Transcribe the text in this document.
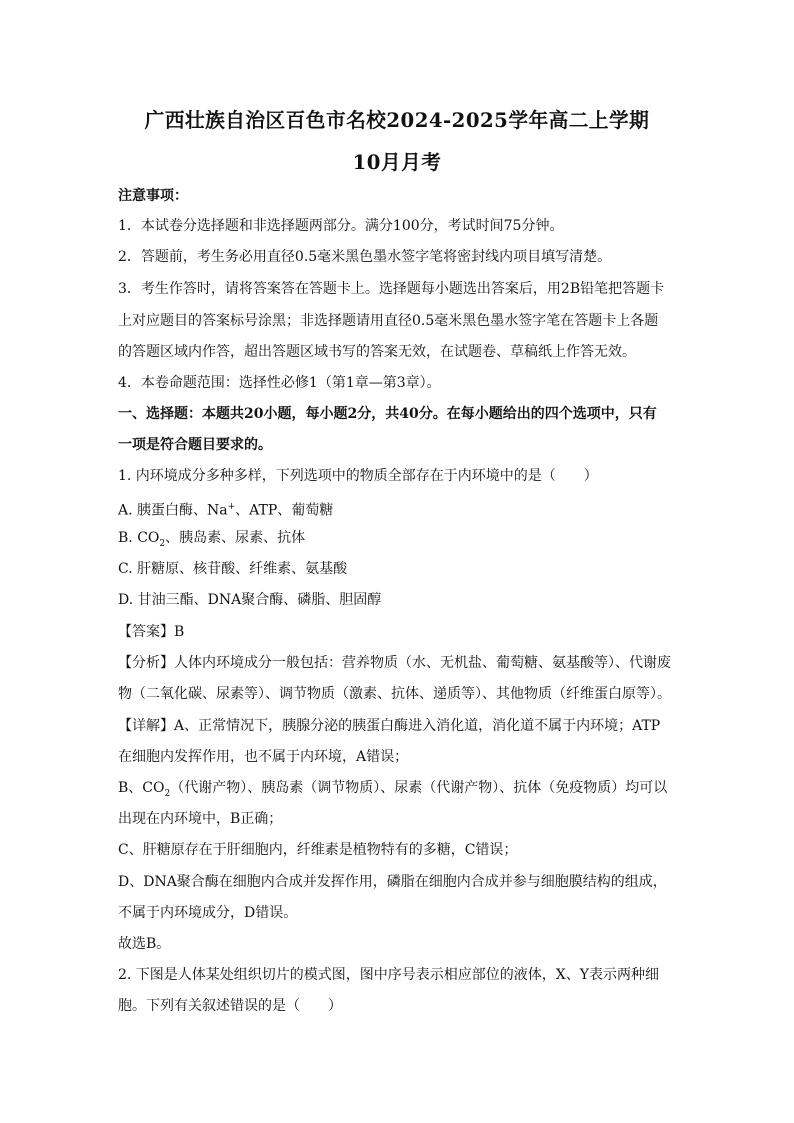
广西壮族自治区百色市名校2024-2025学年高二上学期
10月月考
注意事项：
1．本试卷分选择题和非选择题两部分。满分100分，考试时间75分钟。
2．答题前，考生务必用直径0.5毫米黑色墨水签字笔将密封线内项目填写清楚。
3．考生作答时，请将答案答在答题卡上。选择题每小题选出答案后，用2B铅笔把答题卡
上对应题目的答案标号涂黑；非选择题请用直径0.5毫米黑色墨水签字笔在答题卡上各题
的答题区域内作答，超出答题区域书写的答案无效，在试题卷、草稿纸上作答无效。
4．本卷命题范围：选择性必修1（第1章—第3章）。
一、选择题：本题共20小题，每小题2分，共40分。在每小题给出的四个选项中，只有
一项是符合题目要求的。
1. 内环境成分多种多样，下列选项中的物质全部存在于内环境中的是（　　）
A. 胰蛋白酶、Na+、ATP、葡萄糖
B. $CO_2$、胰岛素、尿素、抗体
C. 肝糖原、核苷酸、纤维素、氨基酸
D. 甘油三酯、DNA聚合酶、磷脂、胆固醇
【答案】B
【分析】人体内环境成分一般包括：营养物质（水、无机盐、葡萄糖、氨基酸等）、代谢废
物（二氧化碳、尿素等）、调节物质（激素、抗体、递质等）、其他物质（纤维蛋白原等）。
【详解】A、正常情况下，胰腺分泌的胰蛋白酶进入消化道，消化道不属于内环境；ATP
在细胞内发挥作用，也不属于内环境，A错误；
B、$CO_2$（代谢产物）、胰岛素（调节物质）、尿素（代谢产物）、抗体（免疫物质）均可以
出现在内环境中，B正确；
C、肝糖原存在于肝细胞内，纤维素是植物特有的多糖，C错误；
D、DNA聚合酶在细胞内合成并发挥作用，磷脂在细胞内合成并参与细胞膜结构的组成，
不属于内环境成分，D错误。
故选B。
2. 下图是人体某处组织切片的模式图，图中序号表示相应部位的液体，X、Y表示两种细
胞。下列有关叙述错误的是（　　）
